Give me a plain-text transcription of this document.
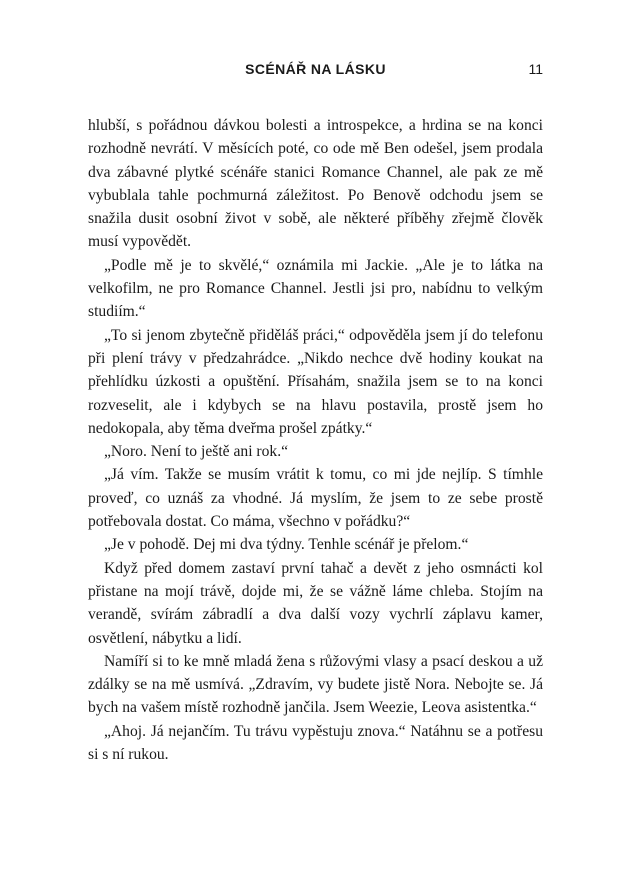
SCÉNÁŘ NA LÁSKU	11

hlubší, s pořádnou dávkou bolesti a introspekce, a hrdina se na konci rozhodně nevrátí. V měsících poté, co ode mě Ben odešel, jsem prodala dva zábavné plytké scénáře stanici Romance Channel, ale pak ze mě vybublala tahle pochmurná záležitost. Po Benově odchodu jsem se snažila dusit osobní život v sobě, ale některé příběhy zřejmě člověk musí vypovědět.

„Podle mě je to skvělé,“ oznámila mi Jackie. „Ale je to látka na velkofilm, ne pro Romance Channel. Jestli jsi pro, nabídnu to velkým studiím.“

„To si jenom zbytečně přiděláš práci,“ odpověděla jsem jí do telefonu při plení trávy v předzahrádce. „Nikdo nechce dvě hodiny koukat na přehlídku úzkosti a opuštění. Přísahám, snažila jsem se to na konci rozveselit, ale i kdybych se na hlavu postavila, prostě jsem ho nedokopala, aby těma dveřma prošel zpátky.“

„Noro. Není to ještě ani rok.“

„Já vím. Takže se musím vrátit k tomu, co mi jde nejlíp. S tímhle proveď, co uznáš za vhodné. Já myslím, že jsem to ze sebe prostě potřebovala dostat. Co máma, všechno v pořádku?“

„Je v pohodě. Dej mi dva týdny. Tenhle scénář je přelom.“

Když před domem zastaví první tahač a devět z jeho osmnácti kol přistane na mojí trávě, dojde mi, že se vážně láme chleba. Stojím na verandě, svírám zábradlí a dva další vozy vychrlí záplavu kamer, osvětlení, nábytku a lidí.

Namíří si to ke mně mladá žena s růžovými vlasy a psací deskou a už zdálky se na mě usmívá. „Zdravím, vy budete jistě Nora. Nebojte se. Já bych na vašem místě rozhodně jančila. Jsem Weezie, Leova asistentka.“

„Ahoj. Já nejančím. Tu trávu vypěstuju znova.“ Natáhnu se a potřesu si s ní rukou.
